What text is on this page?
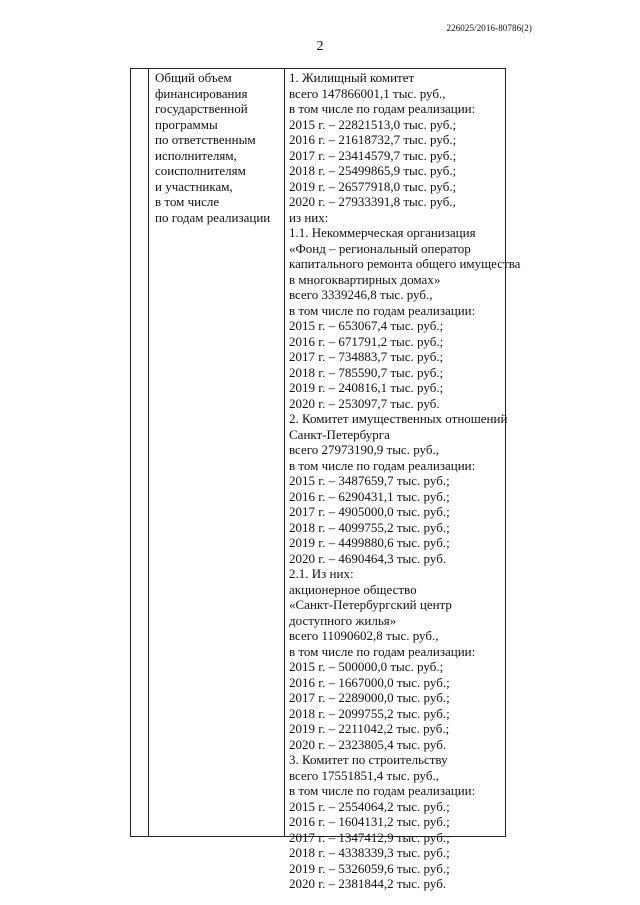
226025/2016-80786(2)
2
Общий объем
финансирования
государственной
программы
по ответственным
исполнителям,
соисполнителям
и участникам,
в том числе
по годам реализации
1. Жилищный комитет
всего 147866001,1 тыс. руб.,
в том числе по годам реализации:
2015 г. – 22821513,0 тыс. руб.;
2016 г. – 21618732,7 тыс. руб.;
2017 г. – 23414579,7 тыс. руб.;
2018 г. – 25499865,9 тыс. руб.;
2019 г. – 26577918,0 тыс. руб.;
2020 г. – 27933391,8 тыс. руб.,
из них:
1.1. Некоммерческая организация
«Фонд – региональный оператор
капитального ремонта общего имущества
в многоквартирных домах»
всего 3339246,8 тыс. руб.,
в том числе по годам реализации:
2015 г. – 653067,4 тыс. руб.;
2016 г. – 671791,2 тыс. руб.;
2017 г. – 734883,7 тыс. руб.;
2018 г. – 785590,7 тыс. руб.;
2019 г. – 240816,1 тыс. руб.;
2020 г. – 253097,7 тыс. руб.
2. Комитет имущественных отношений
Санкт-Петербурга
всего 27973190,9 тыс. руб.,
в том числе по годам реализации:
2015 г. – 3487659,7 тыс. руб.;
2016 г. – 6290431,1 тыс. руб.;
2017 г. – 4905000,0 тыс. руб.;
2018 г. – 4099755,2 тыс. руб.;
2019 г. – 4499880,6 тыс. руб.;
2020 г. – 4690464,3 тыс. руб.
2.1. Из них:
акционерное общество
«Санкт-Петербургский центр
доступного жилья»
всего 11090602,8 тыс. руб.,
в том числе по годам реализации:
2015 г. – 500000,0 тыс. руб.;
2016 г. – 1667000,0 тыс. руб.;
2017 г. – 2289000,0 тыс. руб.;
2018 г. – 2099755,2 тыс. руб.;
2019 г. – 2211042,2 тыс. руб.;
2020 г. – 2323805,4 тыс. руб.
3. Комитет по строительству
всего 17551851,4 тыс. руб.,
в том числе по годам реализации:
2015 г. – 2554064,2 тыс. руб.;
2016 г. – 1604131,2 тыс. руб.;
2017 г. – 1347412,9 тыс. руб.;
2018 г. – 4338339,3 тыс. руб.;
2019 г. – 5326059,6 тыс. руб.;
2020 г. – 2381844,2 тыс. руб.
